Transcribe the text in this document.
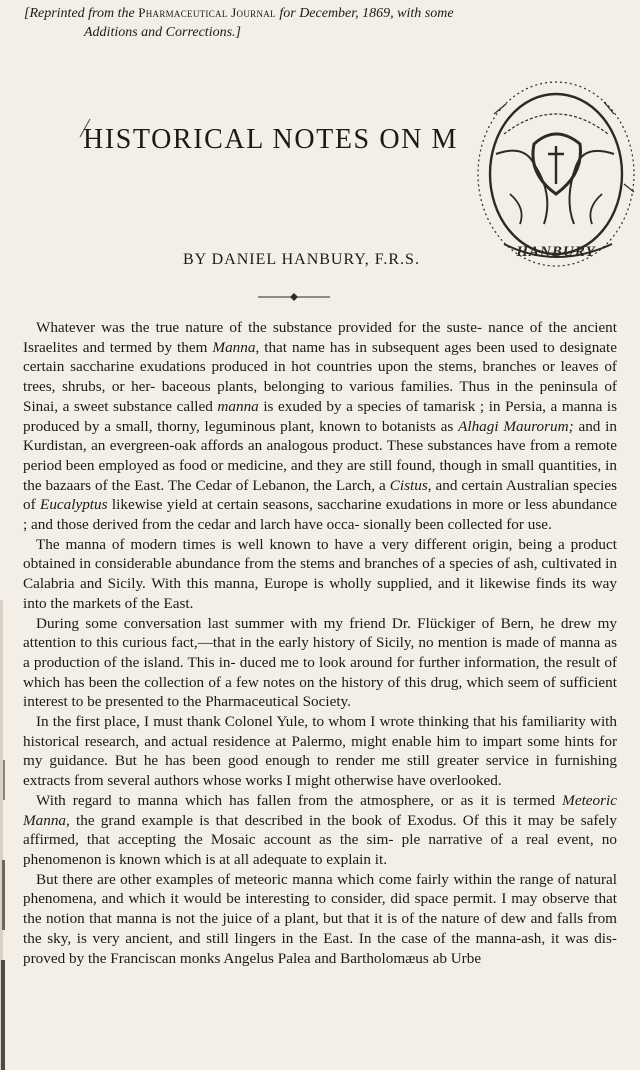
[Reprinted from the Pharmaceutical Journal for December, 1869, with some
Additions and Corrections.]
HISTORICAL NOTES ON M
BY DANIEL HANBURY, F.R.S.	HANBURY

Whatever was the true nature of the substance provided for the suste- nance of the ancient Israelites and termed by them Manna, that name has in subsequent ages been used to designate certain saccharine exudations produced in hot countries upon the stems, branches or leaves of trees, shrubs, or her- baceous plants, belonging to various families. Thus in the peninsula of Sinai, a sweet substance called manna is exuded by a species of tamarisk ; in Persia, a manna is produced by a small, thorny, leguminous plant, known to botanists as Alhagi Maurorum; and in Kurdistan, an evergreen-oak affords an analogous product. These substances have from a remote period been employed as food or medicine, and they are still found, though in small quantities, in the bazaars of the East. The Cedar of Lebanon, the Larch, a Cistus, and certain Australian species of Eucalyptus likewise yield at certain seasons, saccharine exudations in more or less abundance ; and those derived from the cedar and larch have occa- sionally been collected for use.

The manna of modern times is well known to have a very different origin, being a product obtained in considerable abundance from the stems and branches of a species of ash, cultivated in Calabria and Sicily. With this manna, Europe is wholly supplied, and it likewise finds its way into the markets of the East.

During some conversation last summer with my friend Dr. Flückiger of Bern, he drew my attention to this curious fact,—that in the early history of Sicily, no mention is made of manna as a production of the island. This in- duced me to look around for further information, the result of which has been the collection of a few notes on the history of this drug, which seem of sufficient interest to be presented to the Pharmaceutical Society.

In the first place, I must thank Colonel Yule, to whom I wrote thinking that his familiarity with historical research, and actual residence at Palermo, might enable him to impart some hints for my guidance. But he has been good enough to render me still greater service in furnishing extracts from several authors whose works I might otherwise have overlooked.

With regard to manna which has fallen from the atmosphere, or as it is termed Meteoric Manna, the grand example is that described in the book of Exodus. Of this it may be safely affirmed, that accepting the Mosaic account as the sim- ple narrative of a real event, no phenomenon is known which is at all adequate to explain it.

But there are other examples of meteoric manna which come fairly within the range of natural phenomena, and which it would be interesting to consider, did space permit. I may observe that the notion that manna is not the juice of a plant, but that it is of the nature of dew and falls from the sky, is very ancient, and still lingers in the East. In the case of the manna-ash, it was dis- proved by the Franciscan monks Angelus Palea and Bartholomæus ab Urbe
